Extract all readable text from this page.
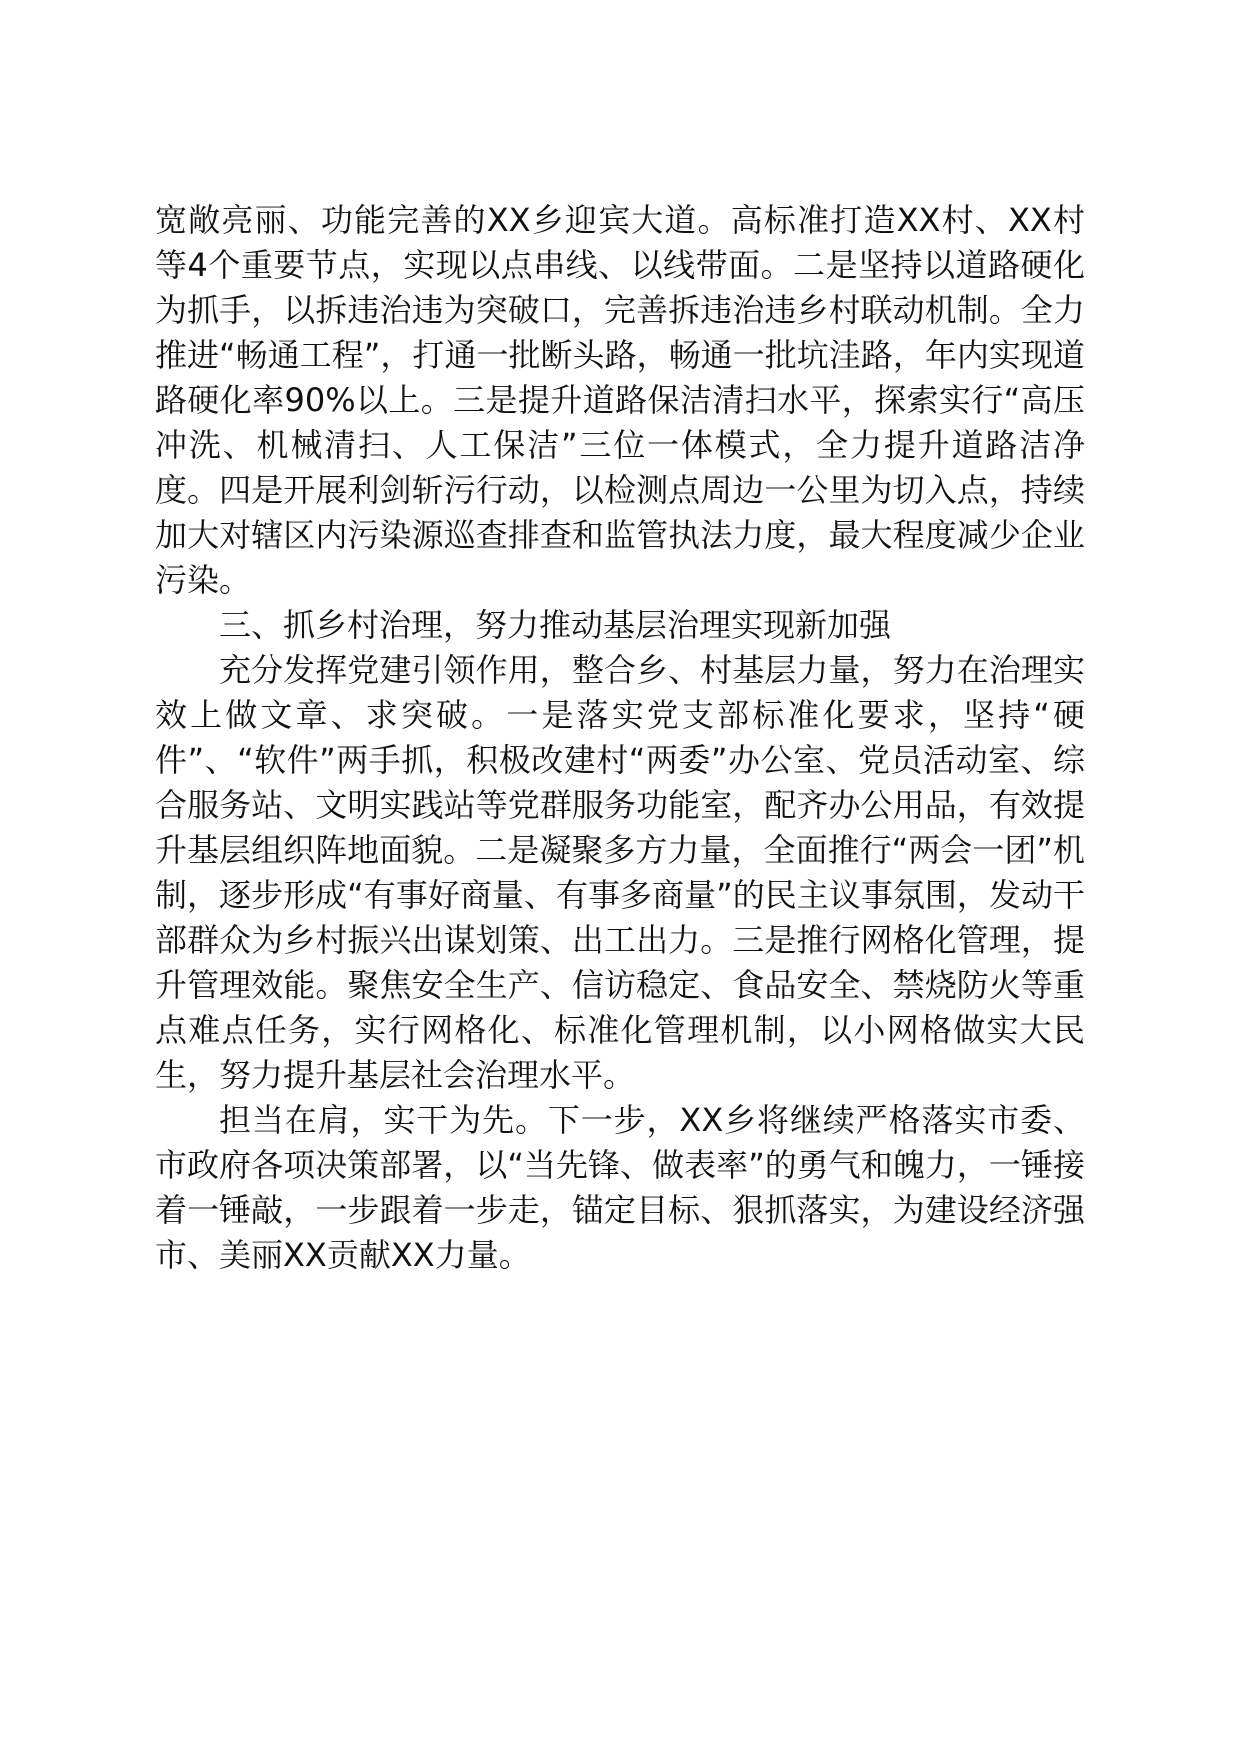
宽敞亮丽、功能完善的XX乡迎宾大道。高标准打造XX村、XX村等4个重要节点，实现以点串线、以线带面。二是坚持以道路硬化为抓手，以拆违治违为突破口，完善拆违治违乡村联动机制。全力推进“畅通工程”，打通一批断头路，畅通一批坑洼路，年内实现道路硬化率90%以上。三是提升道路保洁清扫水平，探索实行“高压冲洗、机械清扫、人工保洁”三位一体模式，全力提升道路洁净度。四是开展利剑斩污行动，以检测点周边一公里为切入点，持续加大对辖区内污染源巡查排查和监管执法力度，最大程度减少企业污染。

三、抓乡村治理，努力推动基层治理实现新加强

充分发挥党建引领作用，整合乡、村基层力量，努力在治理实效上做文章、求突破。一是落实党支部标准化要求，坚持“硬件”、“软件”两手抓，积极改建村“两委”办公室、党员活动室、综合服务站、文明实践站等党群服务功能室，配齐办公用品，有效提升基层组织阵地面貌。二是凝聚多方力量，全面推行“两会一团”机制，逐步形成“有事好商量、有事多商量”的民主议事氛围，发动干部群众为乡村振兴出谋划策、出工出力。三是推行网格化管理，提升管理效能。聚焦安全生产、信访稳定、食品安全、禁烧防火等重点难点任务，实行网格化、标准化管理机制，以小网格做实大民生，努力提升基层社会治理水平。

担当在肩，实干为先。下一步，XX乡将继续严格落实市委、市政府各项决策部署，以“当先锋、做表率”的勇气和魄力，一锤接着一锤敲，一步跟着一步走，锚定目标、狠抓落实，为建设经济强市、美丽XX贡献XX力量。
